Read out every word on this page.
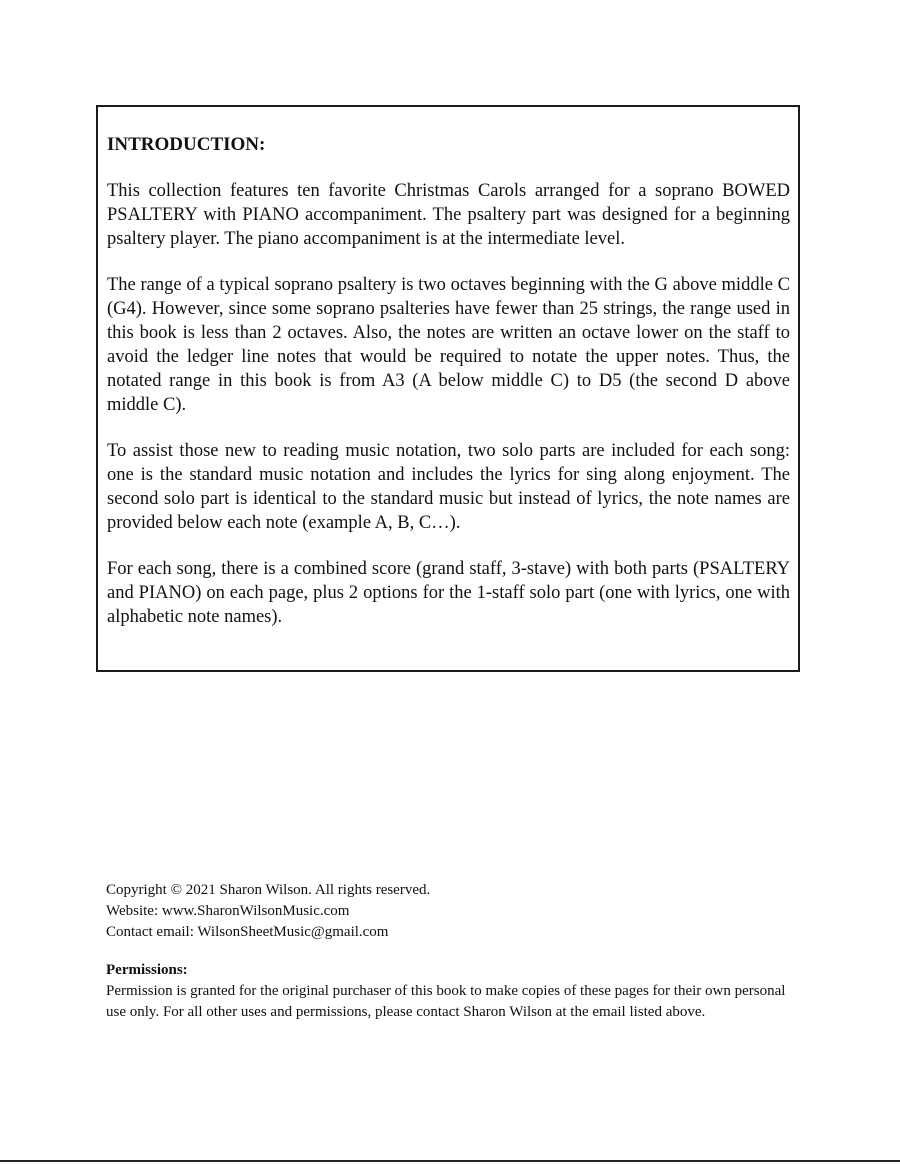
INTRODUCTION:

This collection features ten favorite Christmas Carols arranged for a soprano BOWED PSALTERY with PIANO accompaniment. The psaltery part was designed for a beginning psaltery player. The piano accompaniment is at the intermediate level.

The range of a typical soprano psaltery is two octaves beginning with the G above middle C (G4). However, since some soprano psalteries have fewer than 25 strings, the range used in this book is less than 2 octaves. Also, the notes are written an octave lower on the staff to avoid the ledger line notes that would be required to notate the upper notes. Thus, the notated range in this book is from A3 (A below middle C) to D5 (the second D above middle C).

To assist those new to reading music notation, two solo parts are included for each song: one is the standard music notation and includes the lyrics for sing along enjoyment. The second solo part is identical to the standard music but instead of lyrics, the note names are provided below each note (example A, B, C…).

For each song, there is a combined score (grand staff, 3-stave) with both parts (PSALTERY and PIANO) on each page, plus 2 options for the 1-staff solo part (one with lyrics, one with alphabetic note names).

Copyright © 2021 Sharon Wilson. All rights reserved.
Website: www.SharonWilsonMusic.com
Contact email: WilsonSheetMusic@gmail.com
Permissions:
Permission is granted for the original purchaser of this book to make copies of these pages for their own personal use only. For all other uses and permissions, please contact Sharon Wilson at the email listed above.
